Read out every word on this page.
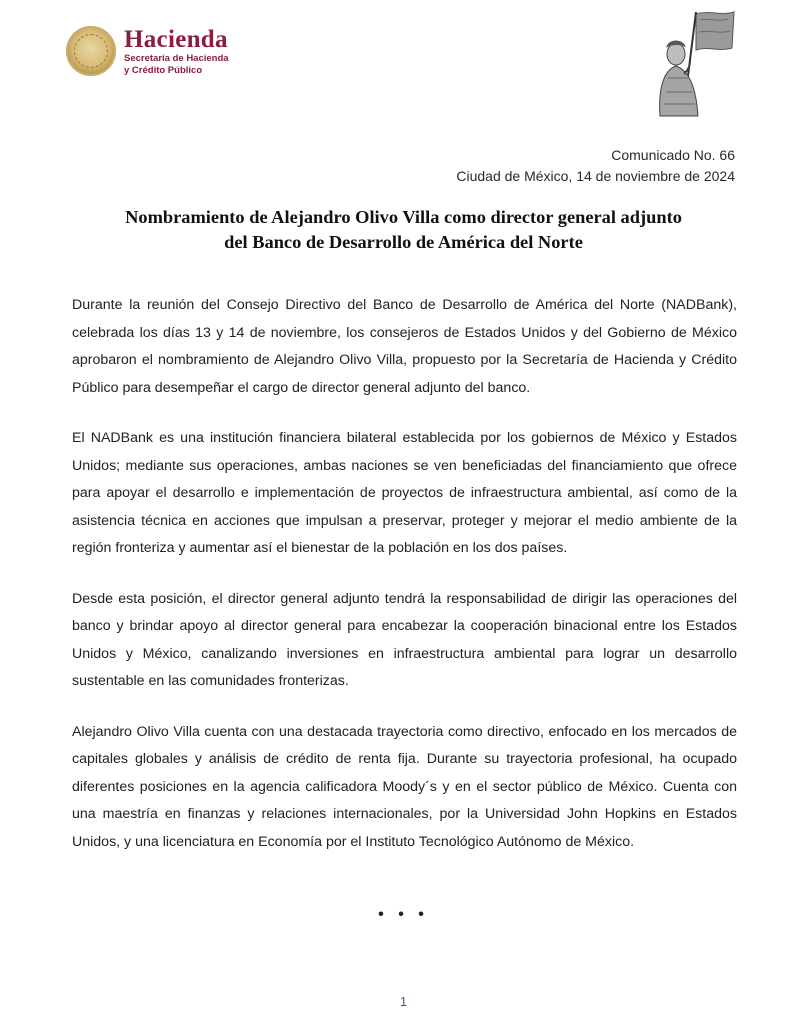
Hacienda
Secretaría de Hacienda
y Crédito Público
Comunicado No. 66
Ciudad de México, 14 de noviembre de 2024
Nombramiento de Alejandro Olivo Villa como director general adjunto
del Banco de Desarrollo de América del Norte

Durante la reunión del Consejo Directivo del Banco de Desarrollo de América del Norte (NADBank), celebrada los días 13 y 14 de noviembre, los consejeros de Estados Unidos y del Gobierno de México aprobaron el nombramiento de Alejandro Olivo Villa, propuesto por la Secretaría de Hacienda y Crédito Público para desempeñar el cargo de director general adjunto del banco.

El NADBank es una institución financiera bilateral establecida por los gobiernos de México y Estados Unidos; mediante sus operaciones, ambas naciones se ven beneficiadas del financiamiento que ofrece para apoyar el desarrollo e implementación de proyectos de infraestructura ambiental, así como de la asistencia técnica en acciones que impulsan a preservar, proteger y mejorar el medio ambiente de la región fronteriza y aumentar así el bienestar de la población en los dos países.

Desde esta posición, el director general adjunto tendrá la responsabilidad de dirigir las operaciones del banco y brindar apoyo al director general para encabezar la cooperación binacional entre los Estados Unidos y México, canalizando inversiones en infraestructura ambiental para lograr un desarrollo sustentable en las comunidades fronterizas.

Alejandro Olivo Villa cuenta con una destacada trayectoria como directivo, enfocado en los mercados de capitales globales y análisis de crédito de renta fija. Durante su trayectoria profesional, ha ocupado diferentes posiciones en la agencia calificadora Moody´s y en el sector público de México. Cuenta con una maestría en finanzas y relaciones internacionales, por la Universidad John Hopkins en Estados Unidos, y una licenciatura en Economía por el Instituto Tecnológico Autónomo de México.

• • •
1
